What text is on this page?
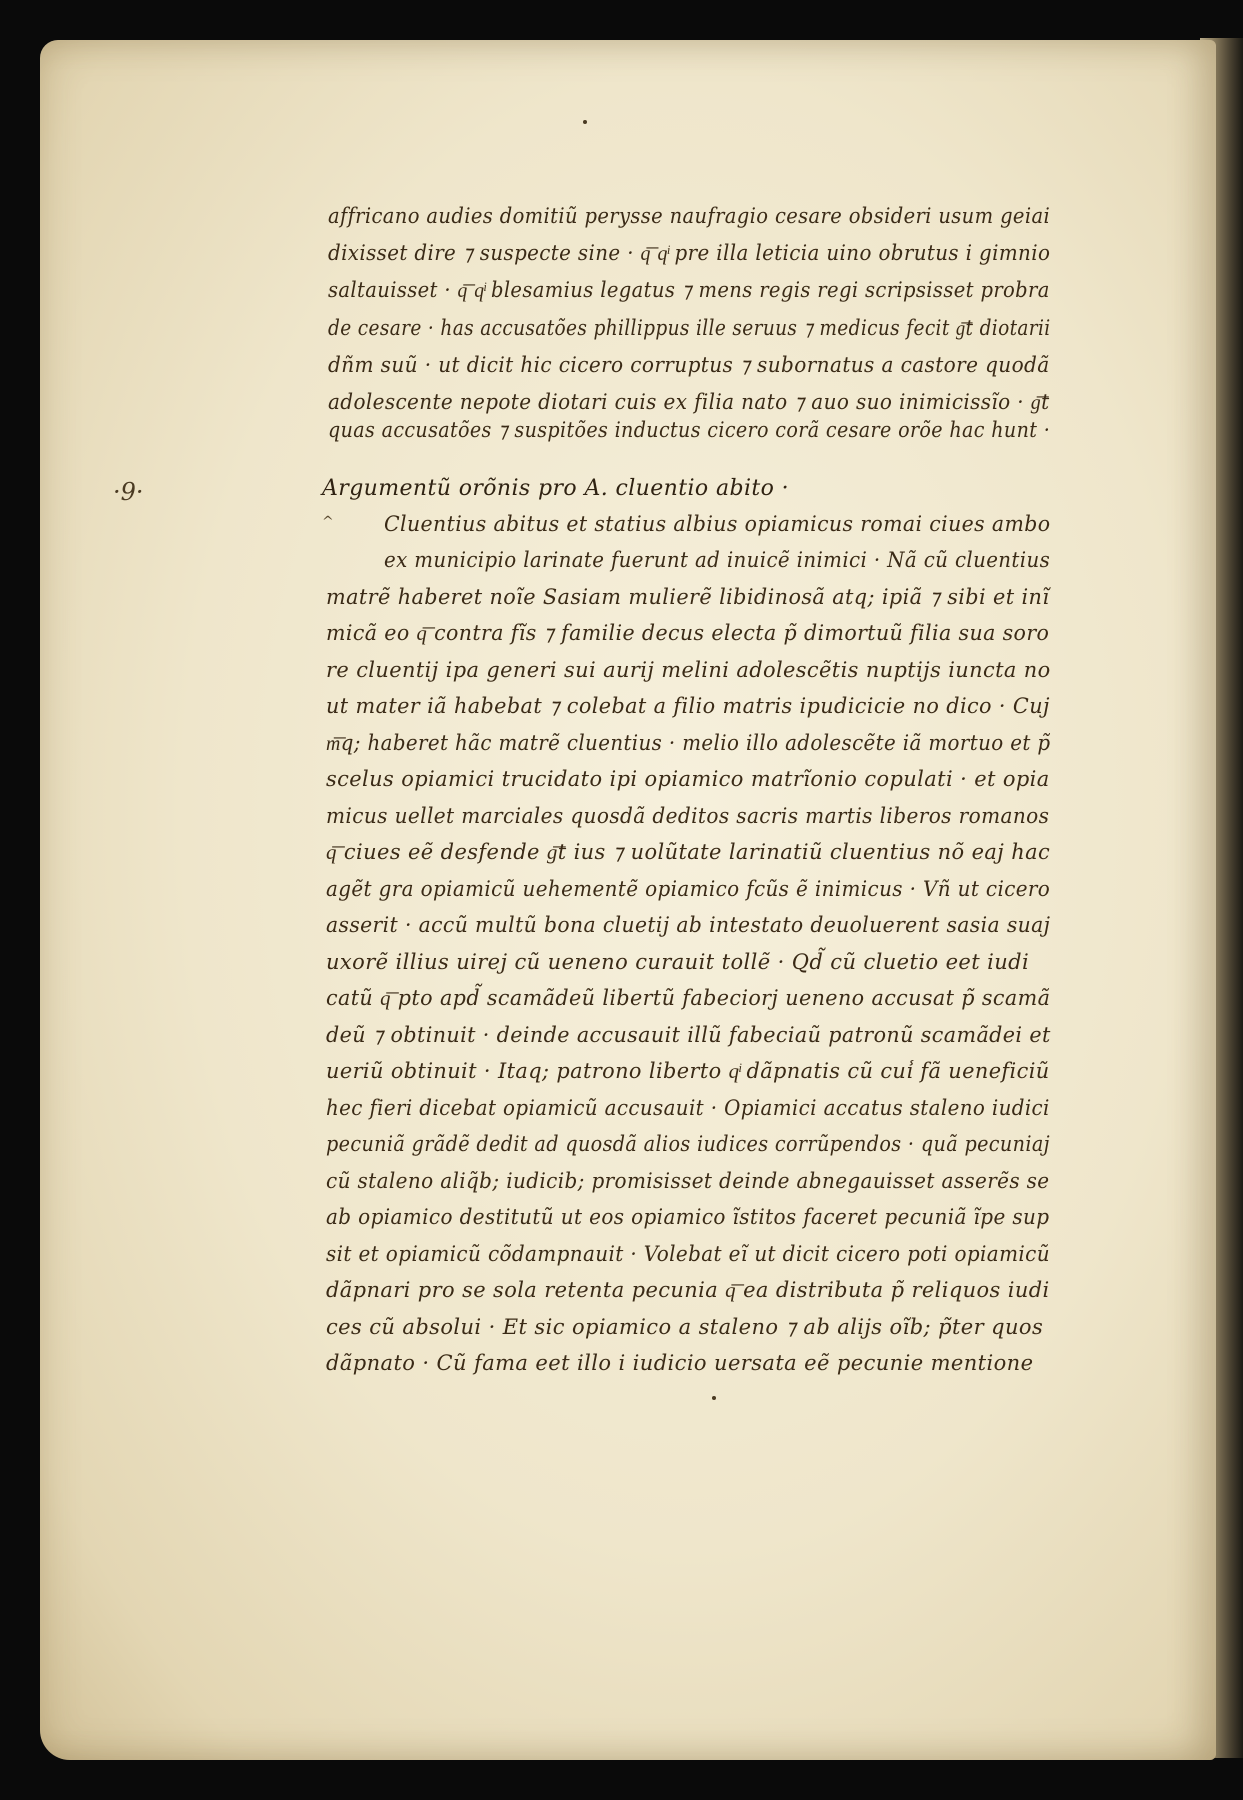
·9·
affricano audies domitiũ perysse naufragio cesare obsideri usum geiai
dixisset dire ⁊ suspecte sine · q͞ qͥ pre illa leticia uino obrutus i gimnio
saltauisset · q͞ qͥ blesamius legatus ⁊ mens regis regi scripsisset probra
de cesare · has accusatões phillippus ille seruus ⁊ medicus fecit g͞t diotarii
dñm suũ · ut dicit hic cicero corruptus ⁊ subornatus a castore quodã
adolescente nepote diotari cuis ex filia nato ⁊ auo suo inimicissĩo · g͞t
quas accusatões ⁊ suspitões inductus cicero corã cesare orõe hac hunt ·
Argumentũ orõnis pro A. cluentio abito ·
^ Cluentius abitus et statius albius opiamicus romai ciues ambo
ex municipio larinate fuerunt ad inuicẽ inimici · Nã cũ cluentius
matrẽ haberet noĩe Sasiam mulierẽ libidinosã atq; ipiã ⁊ sibi et inĩ
micã eo q͞ contra fĩs ⁊ familie decus electa p̃ dimortuũ filia sua soro
re cluentij ipa generi sui aurij melini adolescẽtis nuptijs iuncta no
ut mater iã habebat ⁊ colebat a filio matris ipudicicie no dico · Cuj
m͞q; haberet hãc matrẽ cluentius · melio illo adolescẽte iã mortuo et p̃
scelus opiamici trucidato ipi opiamico matrĩonio copulati · et opia
micus uellet marciales quosdã deditos sacris martis liberos romanos
q͞ ciues eẽ desfende g͞t ius ⁊ uolũtate larinatiũ cluentius nõ eaj hac
agẽt gra opiamicũ uehementẽ opiamico fcũs ẽ inimicus · Vñ ut cicero
asserit · accũ multũ bona cluetij ab intestato deuoluerent sasia suaj
uxorẽ illius uirej cũ ueneno curauit tollẽ · Qd̃ cũ cluetio eet iudi
catũ q͞ pto apd̃ scamãdeũ libertũ fabeciorj ueneno accusat p̃ scamã
deũ ⁊ obtinuit · deinde accusauit illũ fabeciaũ patronũ scamãdei et
ueriũ obtinuit · Itaq; patrono liberto qͥ dãpnatis cũ cui̾ fã ueneficiũ
hec fieri dicebat opiamicũ accusauit · Opiamici accatus staleno iudici
pecuniã grãdẽ dedit ad quosdã alios iudices corrũpendos · quã pecuniaj
cũ staleno aliq̃b; iudicib; promisisset deinde abnegauisset asserẽs se
ab opiamico destitutũ ut eos opiamico ĩstitos faceret pecuniã ĩpe sup
sit et opiamicũ cõdampnauit · Volebat eĩ ut dicit cicero poti opiamicũ
dãpnari pro se sola retenta pecunia q͞ ea distributa p̃ reliquos iudi
ces cũ absolui · Et sic opiamico a staleno ⁊ ab alijs oĩb; p̃ter quos
dãpnato · Cũ fama eet illo i iudicio uersata eẽ pecunie mentione
